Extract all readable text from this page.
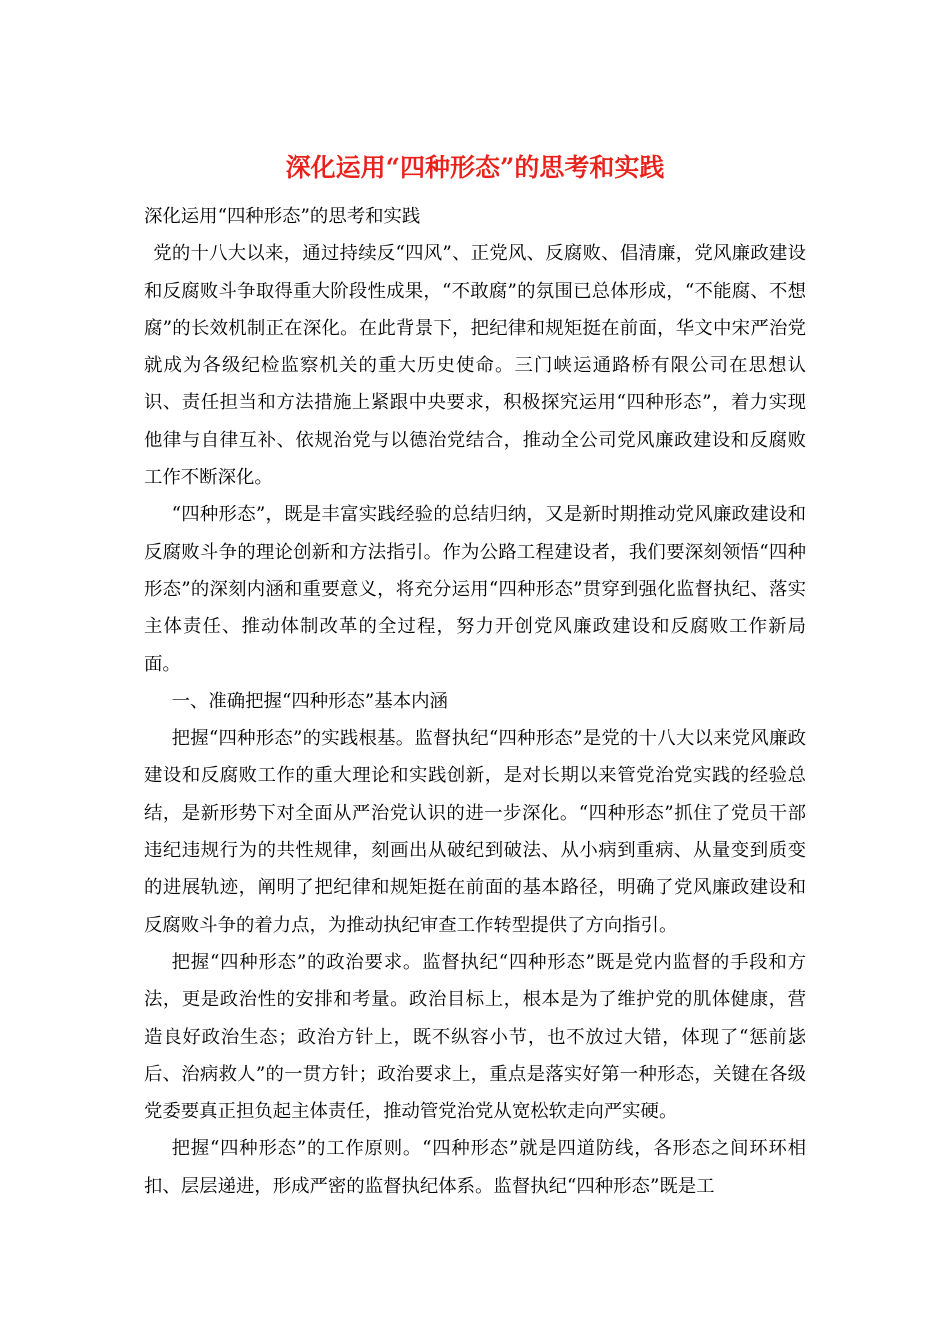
深化运用“四种形态”的思考和实践

深化运用“四种形态”的思考和实践

党的十八大以来，通过持续反“四风”、正党风、反腐败、倡清廉，党风廉政建设和反腐败斗争取得重大阶段性成果，“不敢腐”的氛围已总体形成，“不能腐、不想腐”的长效机制正在深化。在此背景下，把纪律和规矩挺在前面，华文中宋严治党就成为各级纪检监察机关的重大历史使命。三门峡运通路桥有限公司在思想认识、责任担当和方法措施上紧跟中央要求，积极探究运用“四种形态”，着力实现他律与自律互补、依规治党与以德治党结合，推动全公司党风廉政建设和反腐败工作不断深化。

“四种形态”，既是丰富实践经验的总结归纳，又是新时期推动党风廉政建设和反腐败斗争的理论创新和方法指引。作为公路工程建设者，我们要深刻领悟“四种形态”的深刻内涵和重要意义，将充分运用“四种形态”贯穿到强化监督执纪、落实主体责任、推动体制改革的全过程，努力开创党风廉政建设和反腐败工作新局面。

一、准确把握“四种形态”基本内涵

把握“四种形态”的实践根基。监督执纪“四种形态”是党的十八大以来党风廉政建设和反腐败工作的重大理论和实践创新，是对长期以来管党治党实践的经验总结，是新形势下对全面从严治党认识的进一步深化。“四种形态”抓住了党员干部违纪违规行为的共性规律，刻画出从破纪到破法、从小病到重病、从量变到质变的进展轨迹，阐明了把纪律和规矩挺在前面的基本路径，明确了党风廉政建设和反腐败斗争的着力点，为推动执纪审查工作转型提供了方向指引。

把握“四种形态”的政治要求。监督执纪“四种形态”既是党内监督的手段和方法，更是政治性的安排和考量。政治目标上，根本是为了维护党的肌体健康，营造良好政治生态；政治方针上，既不纵容小节，也不放过大错，体现了“惩前毖后、治病救人”的一贯方针；政治要求上，重点是落实好第一种形态，关键在各级党委要真正担负起主体责任，推动管党治党从宽松软走向严实硬。

把握“四种形态”的工作原则。“四种形态”就是四道防线，各形态之间环环相扣、层层递进，形成严密的监督执纪体系。监督执纪“四种形态”既是工
